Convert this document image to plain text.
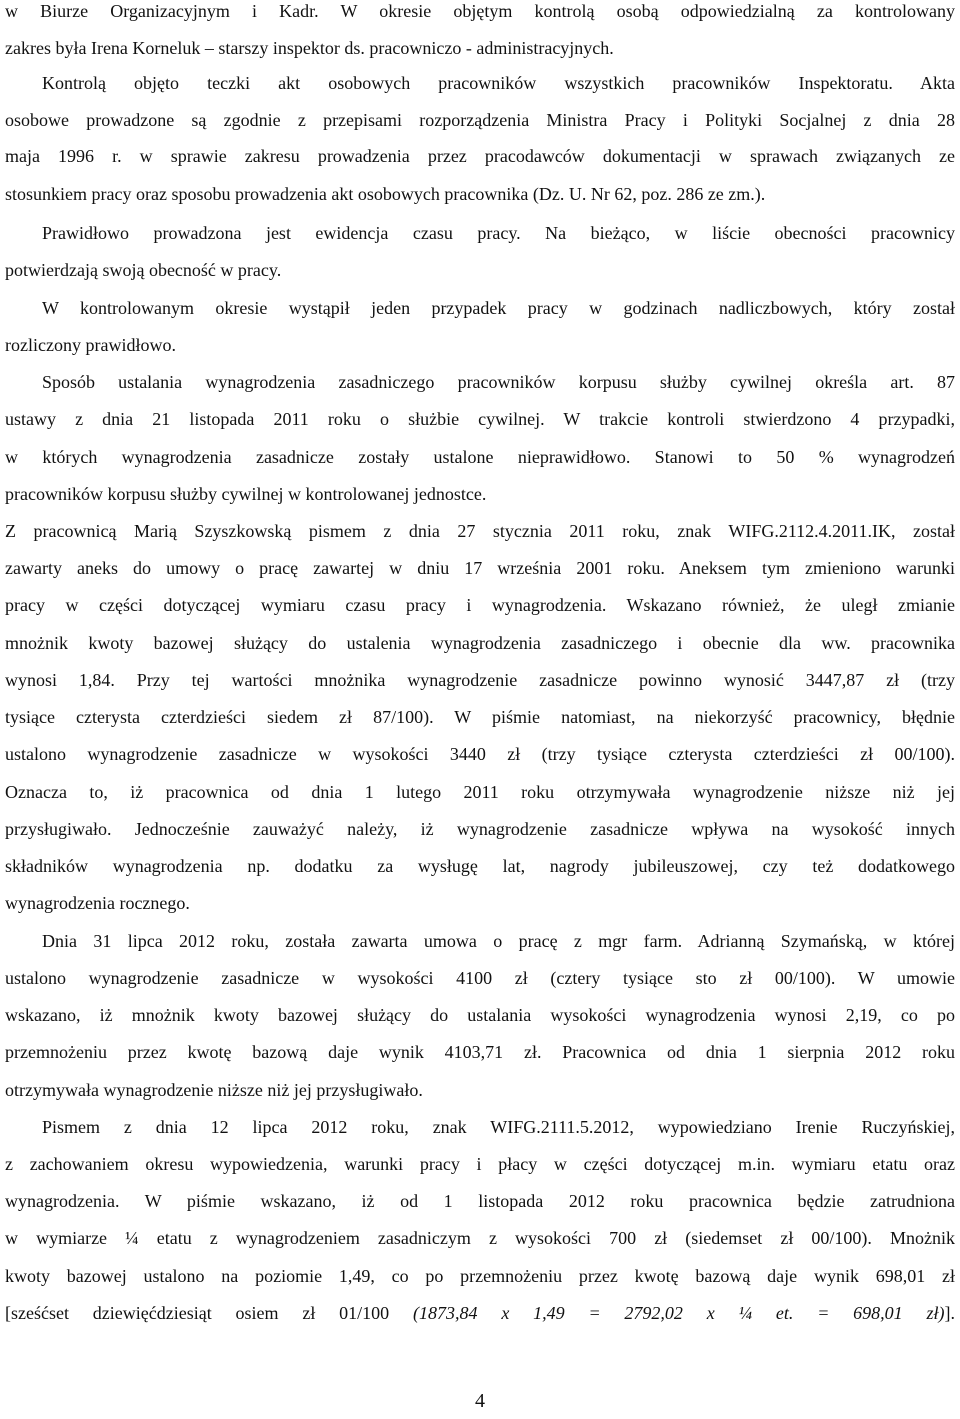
w Biurze Organizacyjnym i Kadr. W okresie objętym kontrolą osobą odpowiedzialną za kontrolowany
zakres była Irena Korneluk – starszy inspektor ds. pracowniczo - administracyjnych.
Kontrolą objęto teczki akt osobowych pracowników wszystkich pracowników Inspektoratu. Akta
osobowe prowadzone są zgodnie z przepisami rozporządzenia Ministra Pracy i Polityki Socjalnej z dnia 28
maja 1996 r. w sprawie zakresu prowadzenia przez pracodawców dokumentacji w sprawach związanych ze
stosunkiem pracy oraz sposobu prowadzenia akt osobowych pracownika (Dz. U. Nr 62, poz. 286 ze zm.).
Prawidłowo prowadzona jest ewidencja czasu pracy. Na bieżąco, w liście obecności pracownicy
potwierdzają swoją obecność w pracy.
W kontrolowanym okresie wystąpił jeden przypadek pracy w godzinach nadliczbowych, który został
rozliczony prawidłowo.
Sposób ustalania wynagrodzenia zasadniczego pracowników korpusu służby cywilnej określa art. 87
ustawy z dnia 21 listopada 2011 roku o służbie cywilnej. W trakcie kontroli stwierdzono 4 przypadki,
w których wynagrodzenia zasadnicze zostały ustalone nieprawidłowo. Stanowi to 50 % wynagrodzeń
pracowników korpusu służby cywilnej w kontrolowanej jednostce.
Z pracownicą Marią Szyszkowską pismem z dnia 27 stycznia 2011 roku, znak WIFG.2112.4.2011.IK, został
zawarty aneks do umowy o pracę zawartej w dniu 17 września 2001 roku. Aneksem tym zmieniono warunki
pracy w części dotyczącej wymiaru czasu pracy i wynagrodzenia. Wskazano również, że uległ zmianie
mnożnik kwoty bazowej służący do ustalenia wynagrodzenia zasadniczego i obecnie dla ww. pracownika
wynosi 1,84. Przy tej wartości mnożnika wynagrodzenie zasadnicze powinno wynosić 3447,87 zł (trzy
tysiące czterysta czterdzieści siedem zł 87/100). W piśmie natomiast, na niekorzyść pracownicy, błędnie
ustalono wynagrodzenie zasadnicze w wysokości 3440 zł (trzy tysiące czterysta czterdzieści zł 00/100).
Oznacza to, iż pracownica od dnia 1 lutego 2011 roku otrzymywała wynagrodzenie niższe niż jej
przysługiwało. Jednocześnie zauważyć należy, iż wynagrodzenie zasadnicze wpływa na wysokość innych
składników wynagrodzenia np. dodatku za wysługę lat, nagrody jubileuszowej, czy też dodatkowego
wynagrodzenia rocznego.
Dnia 31 lipca 2012 roku, została zawarta umowa o pracę z mgr farm. Adrianną Szymańską, w której
ustalono wynagrodzenie zasadnicze w wysokości 4100 zł (cztery tysiące sto zł 00/100). W umowie
wskazano, iż mnożnik kwoty bazowej służący do ustalania wysokości wynagrodzenia wynosi 2,19, co po
przemnożeniu przez kwotę bazową daje wynik 4103,71 zł. Pracownica od dnia 1 sierpnia 2012 roku
otrzymywała wynagrodzenie niższe niż jej przysługiwało.
Pismem z dnia 12 lipca 2012 roku, znak WIFG.2111.5.2012, wypowiedziano Irenie Ruczyńskiej,
z zachowaniem okresu wypowiedzenia, warunki pracy i płacy w części dotyczącej m.in. wymiaru etatu oraz
wynagrodzenia. W piśmie wskazano, iż od 1 listopada 2012 roku pracownica będzie zatrudniona
w wymiarze ¼ etatu z wynagrodzeniem zasadniczym z wysokości 700 zł (siedemset zł 00/100). Mnożnik
kwoty bazowej ustalono na poziomie 1,49, co po przemnożeniu przez kwotę bazową daje wynik 698,01 zł
[sześćset dziewięćdziesiąt osiem zł 01/100 (1873,84 x 1,49 = 2792,02 x ¼ et. = 698,01 zł)].
4
